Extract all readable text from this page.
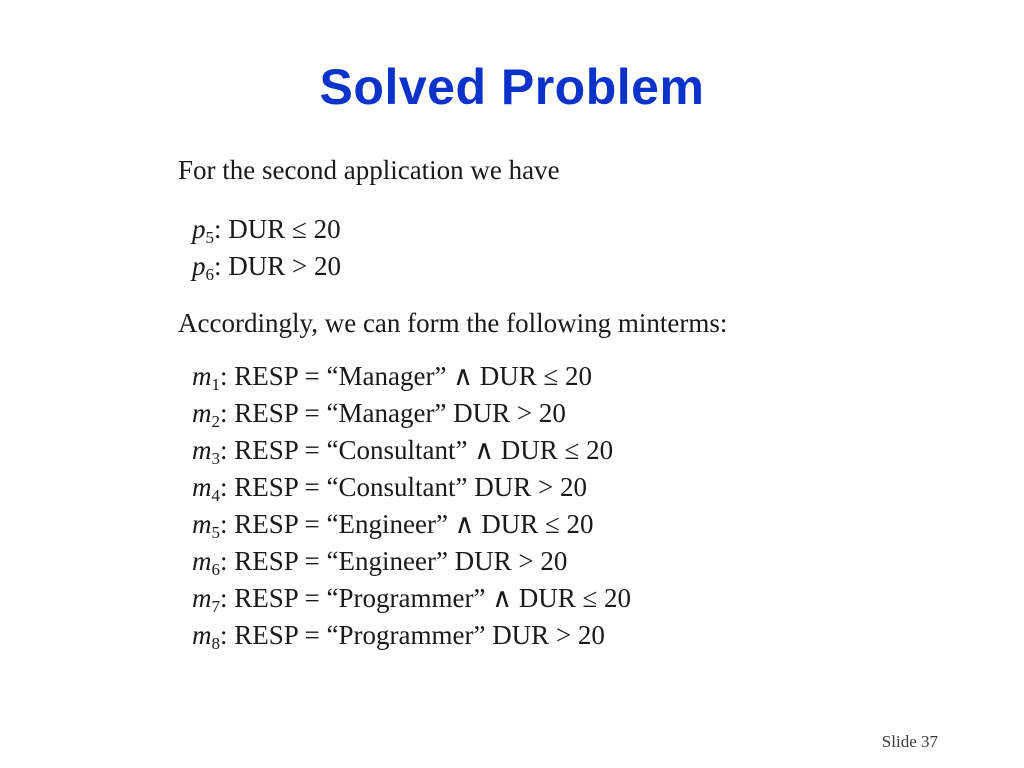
Solved Problem

For the second application we have

$p_5$: DUR ≤ 20
$p_6$: DUR > 20

Accordingly, we can form the following minterms:

$m_1$: RESP = “Manager” ∧ DUR ≤ 20
$m_2$: RESP = “Manager” DUR > 20
$m_3$: RESP = “Consultant” ∧ DUR ≤ 20
$m_4$: RESP = “Consultant” DUR > 20
$m_5$: RESP = “Engineer” ∧ DUR ≤ 20
$m_6$: RESP = “Engineer” DUR > 20
$m_7$: RESP = “Programmer” ∧ DUR ≤ 20
$m_8$: RESP = “Programmer” DUR > 20
Slide 37
